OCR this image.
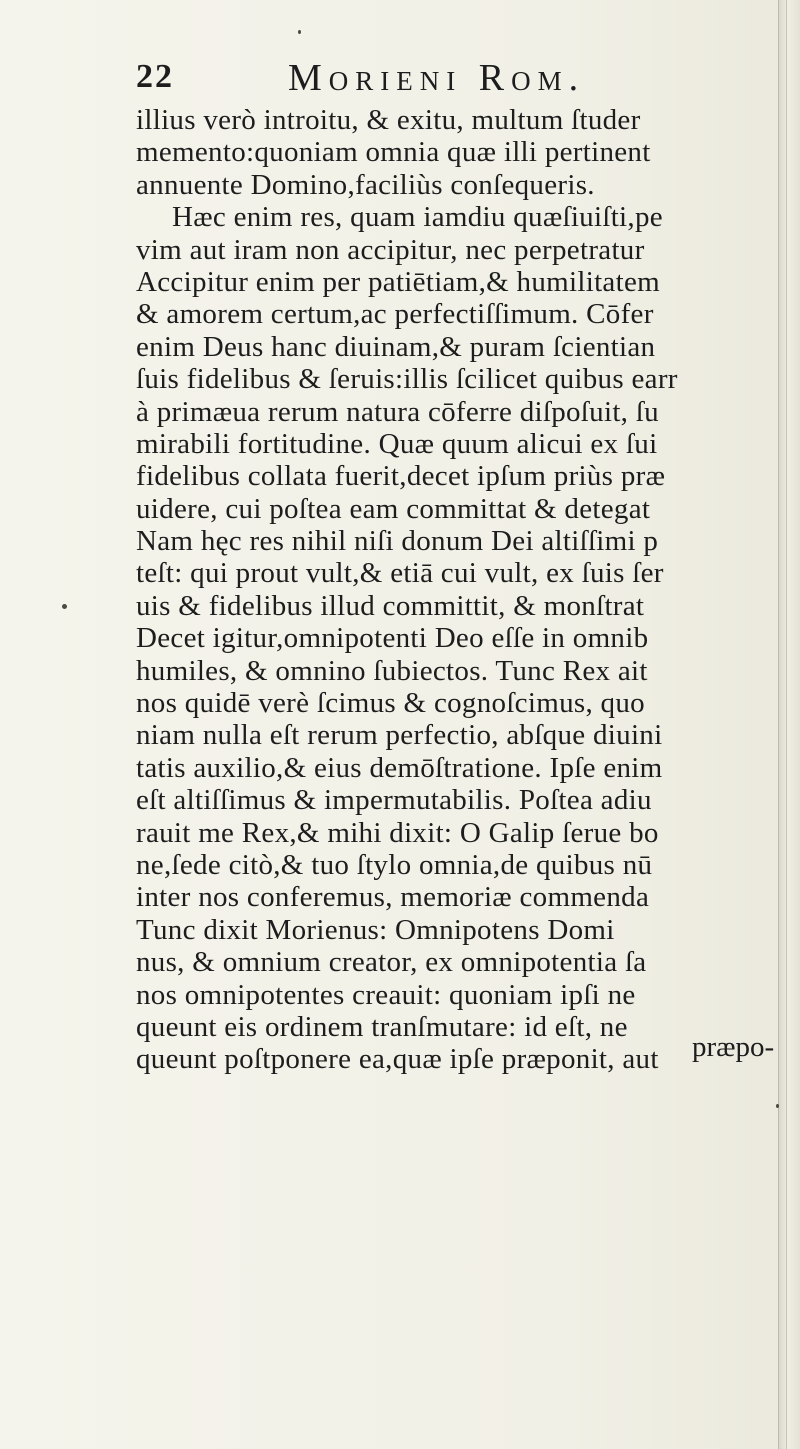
22	Morieni Rom.
illius verò introitu, & exitu, multum ſtuder
memento:quoniam omnia quæ illi pertinent
annuente Domino,faciliùs conſequeris.
Hæc enim res, quam iamdiu quæſiuiſti,pe
vim aut iram non accipitur, nec perpetratur
Accipitur enim per patiētiam,& humilitatem
& amorem certum,ac perfectiſſimum. Cōfer
enim Deus hanc diuinam,& puram ſcientian
ſuis fidelibus & ſeruis:illis ſcilicet quibus earr
à primæua rerum natura cōferre diſpoſuit, ſu
mirabili fortitudine. Quæ quum alicui ex ſui
fidelibus collata fuerit,decet ipſum priùs præ
uidere, cui poſtea eam committat & detegat
Nam hęc res nihil niſi donum Dei altiſſimi p
teſt: qui prout vult,& etiā cui vult, ex ſuis ſer
uis & fidelibus illud committit, & monſtrat
Decet igitur,omnipotenti Deo eſſe in omnib
humiles, & omnino ſubiectos. Tunc Rex ait
nos quidē verè ſcimus & cognoſcimus, quo
niam nulla eſt rerum perfectio, abſque diuini
tatis auxilio,& eius demōſtratione. Ipſe enim
eſt altiſſimus & impermutabilis. Poſtea adiu
rauit me Rex,& mihi dixit: O Galip ſerue bo
ne,ſede citò,& tuo ſtylo omnia,de quibus nū
inter nos conferemus, memoriæ commenda
Tunc dixit Morienus: Omnipotens Domi
nus, & omnium creator, ex omnipotentia ſa
nos omnipotentes creauit: quoniam ipſi ne
queunt eis ordinem tranſmutare: id eſt, ne
queunt poſtponere ea,quæ ipſe præponit, aut	præpo-
